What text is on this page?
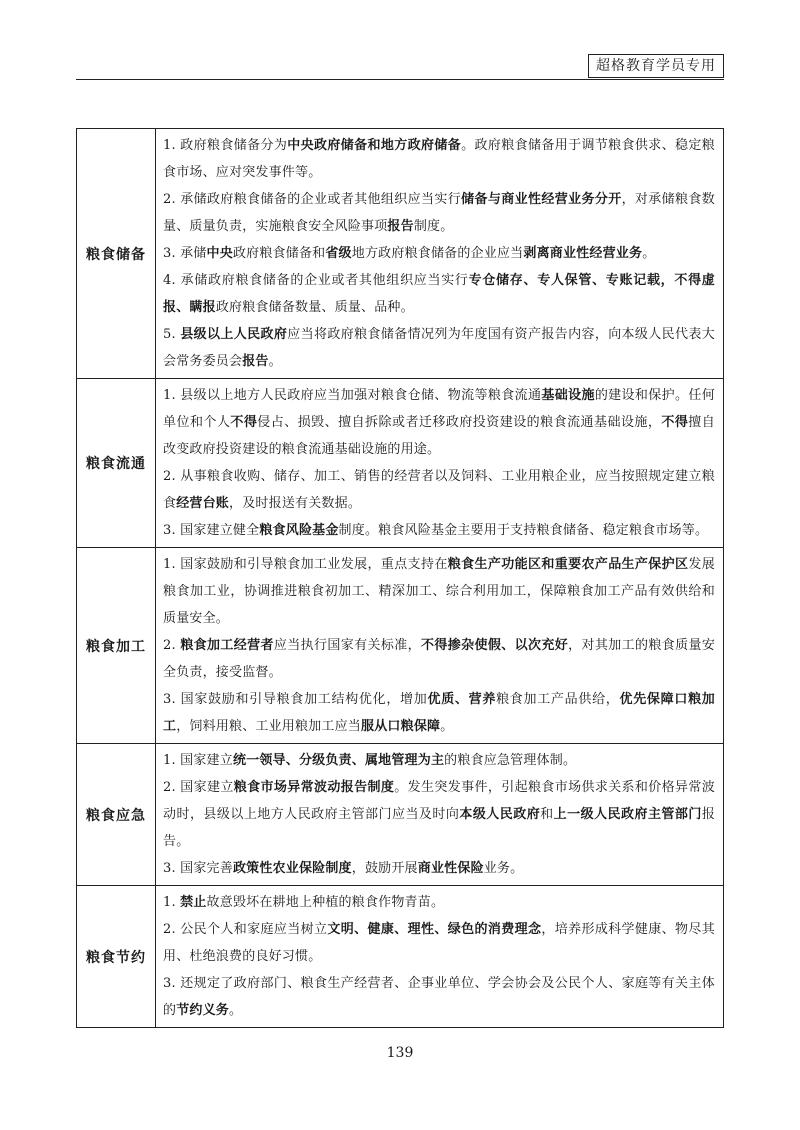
超格教育学员专用
粮食储备	1. 政府粮食储备分为中央政府储备和地方政府储备。政府粮食储备用于调节粮食供求、稳定粮食市场、应对突发事件等。

2. 承储政府粮食储备的企业或者其他组织应当实行储备与商业性经营业务分开，对承储粮食数量、质量负责，实施粮食安全风险事项报告制度。

3. 承储中央政府粮食储备和省级地方政府粮食储备的企业应当剥离商业性经营业务。

4. 承储政府粮食储备的企业或者其他组织应当实行专仓储存、专人保管、专账记载，不得虚报、瞒报政府粮食储备数量、质量、品种。

5. 县级以上人民政府应当将政府粮食储备情况列为年度国有资产报告内容，向本级人民代表大会常务委员会报告。

粮食流通	1. 县级以上地方人民政府应当加强对粮食仓储、物流等粮食流通基础设施的建设和保护。任何单位和个人不得侵占、损毁、擅自拆除或者迁移政府投资建设的粮食流通基础设施，不得擅自改变政府投资建设的粮食流通基础设施的用途。

2. 从事粮食收购、储存、加工、销售的经营者以及饲料、工业用粮企业，应当按照规定建立粮食经营台账，及时报送有关数据。

3. 国家建立健全粮食风险基金制度。粮食风险基金主要用于支持粮食储备、稳定粮食市场等。

粮食加工	1. 国家鼓励和引导粮食加工业发展，重点支持在粮食生产功能区和重要农产品生产保护区发展粮食加工业，协调推进粮食初加工、精深加工、综合利用加工，保障粮食加工产品有效供给和质量安全。

2. 粮食加工经营者应当执行国家有关标准，不得掺杂使假、以次充好，对其加工的粮食质量安全负责，接受监督。

3. 国家鼓励和引导粮食加工结构优化，增加优质、营养粮食加工产品供给，优先保障口粮加工，饲料用粮、工业用粮加工应当服从口粮保障。

粮食应急	1. 国家建立统一领导、分级负责、属地管理为主的粮食应急管理体制。

2. 国家建立粮食市场异常波动报告制度。发生突发事件，引起粮食市场供求关系和价格异常波动时，县级以上地方人民政府主管部门应当及时向本级人民政府和上一级人民政府主管部门报告。

3. 国家完善政策性农业保险制度，鼓励开展商业性保险业务。

粮食节约	1. 禁止故意毁坏在耕地上种植的粮食作物青苗。

2. 公民个人和家庭应当树立文明、健康、理性、绿色的消费理念，培养形成科学健康、物尽其用、杜绝浪费的良好习惯。

3. 还规定了政府部门、粮食生产经营者、企事业单位、学会协会及公民个人、家庭等有关主体的节约义务。

139
